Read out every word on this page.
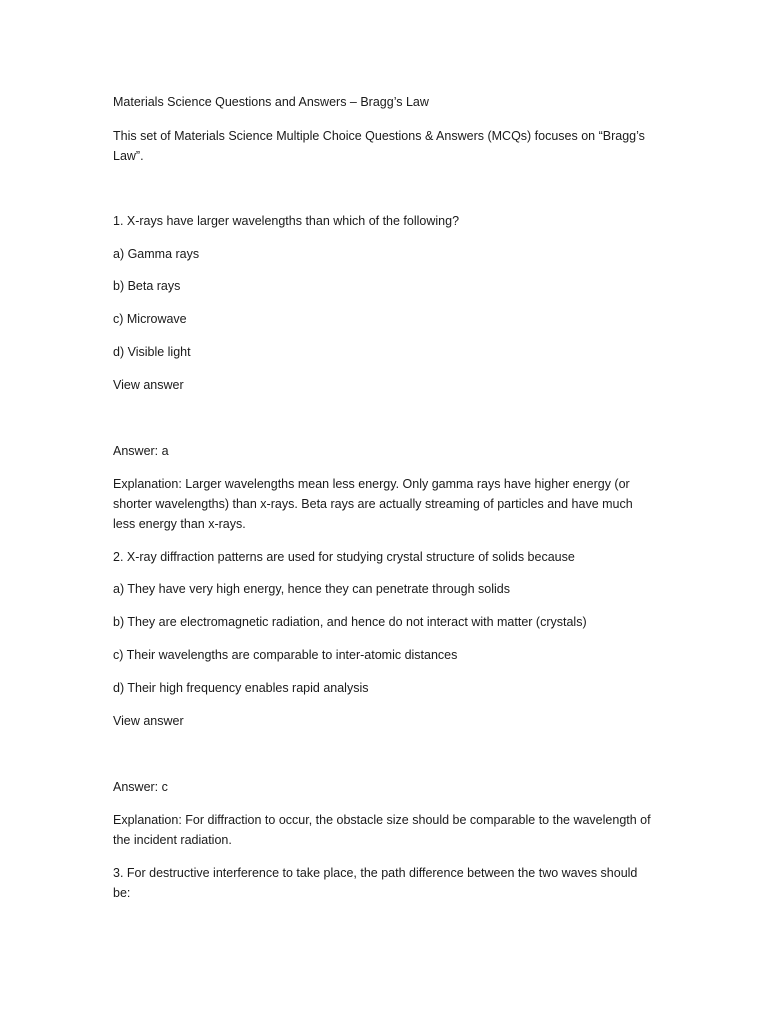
Materials Science Questions and Answers – Bragg’s Law

This set of Materials Science Multiple Choice Questions & Answers (MCQs) focuses on “Bragg’s Law”.

1. X-rays have larger wavelengths than which of the following?

a) Gamma rays

b) Beta rays

c) Microwave

d) Visible light

View answer

Answer: a

Explanation: Larger wavelengths mean less energy. Only gamma rays have higher energy (or shorter wavelengths) than x-rays. Beta rays are actually streaming of particles and have much less energy than x-rays.

2. X-ray diffraction patterns are used for studying crystal structure of solids because

a) They have very high energy, hence they can penetrate through solids

b) They are electromagnetic radiation, and hence do not interact with matter (crystals)

c) Their wavelengths are comparable to inter-atomic distances

d) Their high frequency enables rapid analysis

View answer

Answer: c

Explanation: For diffraction to occur, the obstacle size should be comparable to the wavelength of the incident radiation.

3. For destructive interference to take place, the path difference between the two waves should be:
